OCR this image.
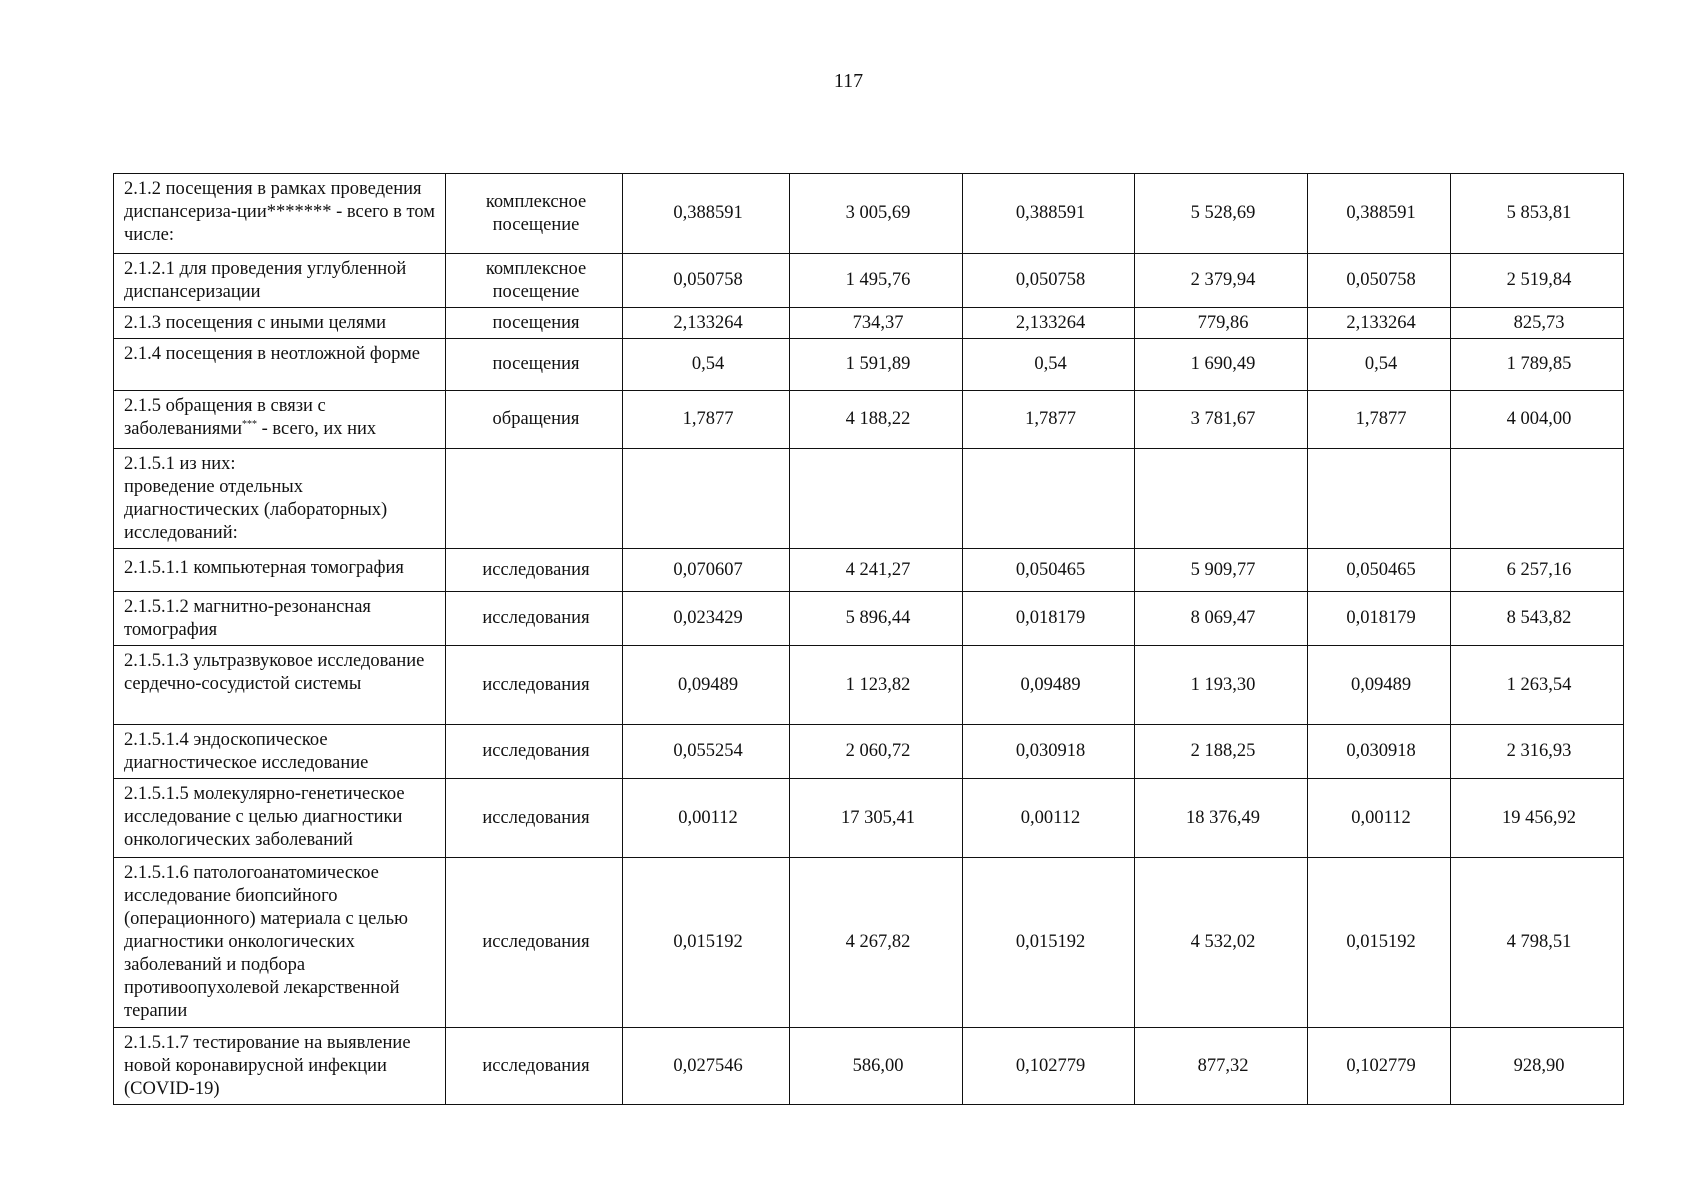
117
2.1.2 посещения в рамках проведения диспансериза-ции******* - всего в том числе:	комплексное посещение	0,388591	3 005,69	0,388591	5 528,69	0,388591	5 853,81
2.1.2.1 для проведения углубленной диспансеризации	комплексное посещение	0,050758	1 495,76	0,050758	2 379,94	0,050758	2 519,84
2.1.3 посещения с иными целями	посещения	2,133264	734,37	2,133264	779,86	2,133264	825,73
2.1.4 посещения в неотложной форме	посещения	0,54	1 591,89	0,54	1 690,49	0,54	1 789,85
2.1.5 обращения в связи с заболеваниями*** - всего, их них	обращения	1,7877	4 188,22	1,7877	3 781,67	1,7877	4 004,00

2.1.5.1 из них:
проведение отдельных диагностических (лабораторных) исследований:							

2.1.5.1.1 компьютерная томография	исследования	0,070607	4 241,27	0,050465	5 909,77	0,050465	6 257,16
2.1.5.1.2 магнитно-резонансная томография	исследования	0,023429	5 896,44	0,018179	8 069,47	0,018179	8 543,82
2.1.5.1.3 ультразвуковое исследование сердечно-сосудистой системы	исследования	0,09489	1 123,82	0,09489	1 193,30	0,09489	1 263,54
2.1.5.1.4 эндоскопическое диагностическое исследование	исследования	0,055254	2 060,72	0,030918	2 188,25	0,030918	2 316,93
2.1.5.1.5 молекулярно-генетическое исследование с целью диагностики онкологических заболеваний	исследования	0,00112	17 305,41	0,00112	18 376,49	0,00112	19 456,92
2.1.5.1.6 патологоанатомическое исследование биопсийного (операционного) материала с целью диагностики онкологических заболеваний и подбора противоопухолевой лекарственной терапии	исследования	0,015192	4 267,82	0,015192	4 532,02	0,015192	4 798,51
2.1.5.1.7 тестирование на выявление новой коронавирусной инфекции (COVID-19)	исследования	0,027546	586,00	0,102779	877,32	0,102779	928,90
